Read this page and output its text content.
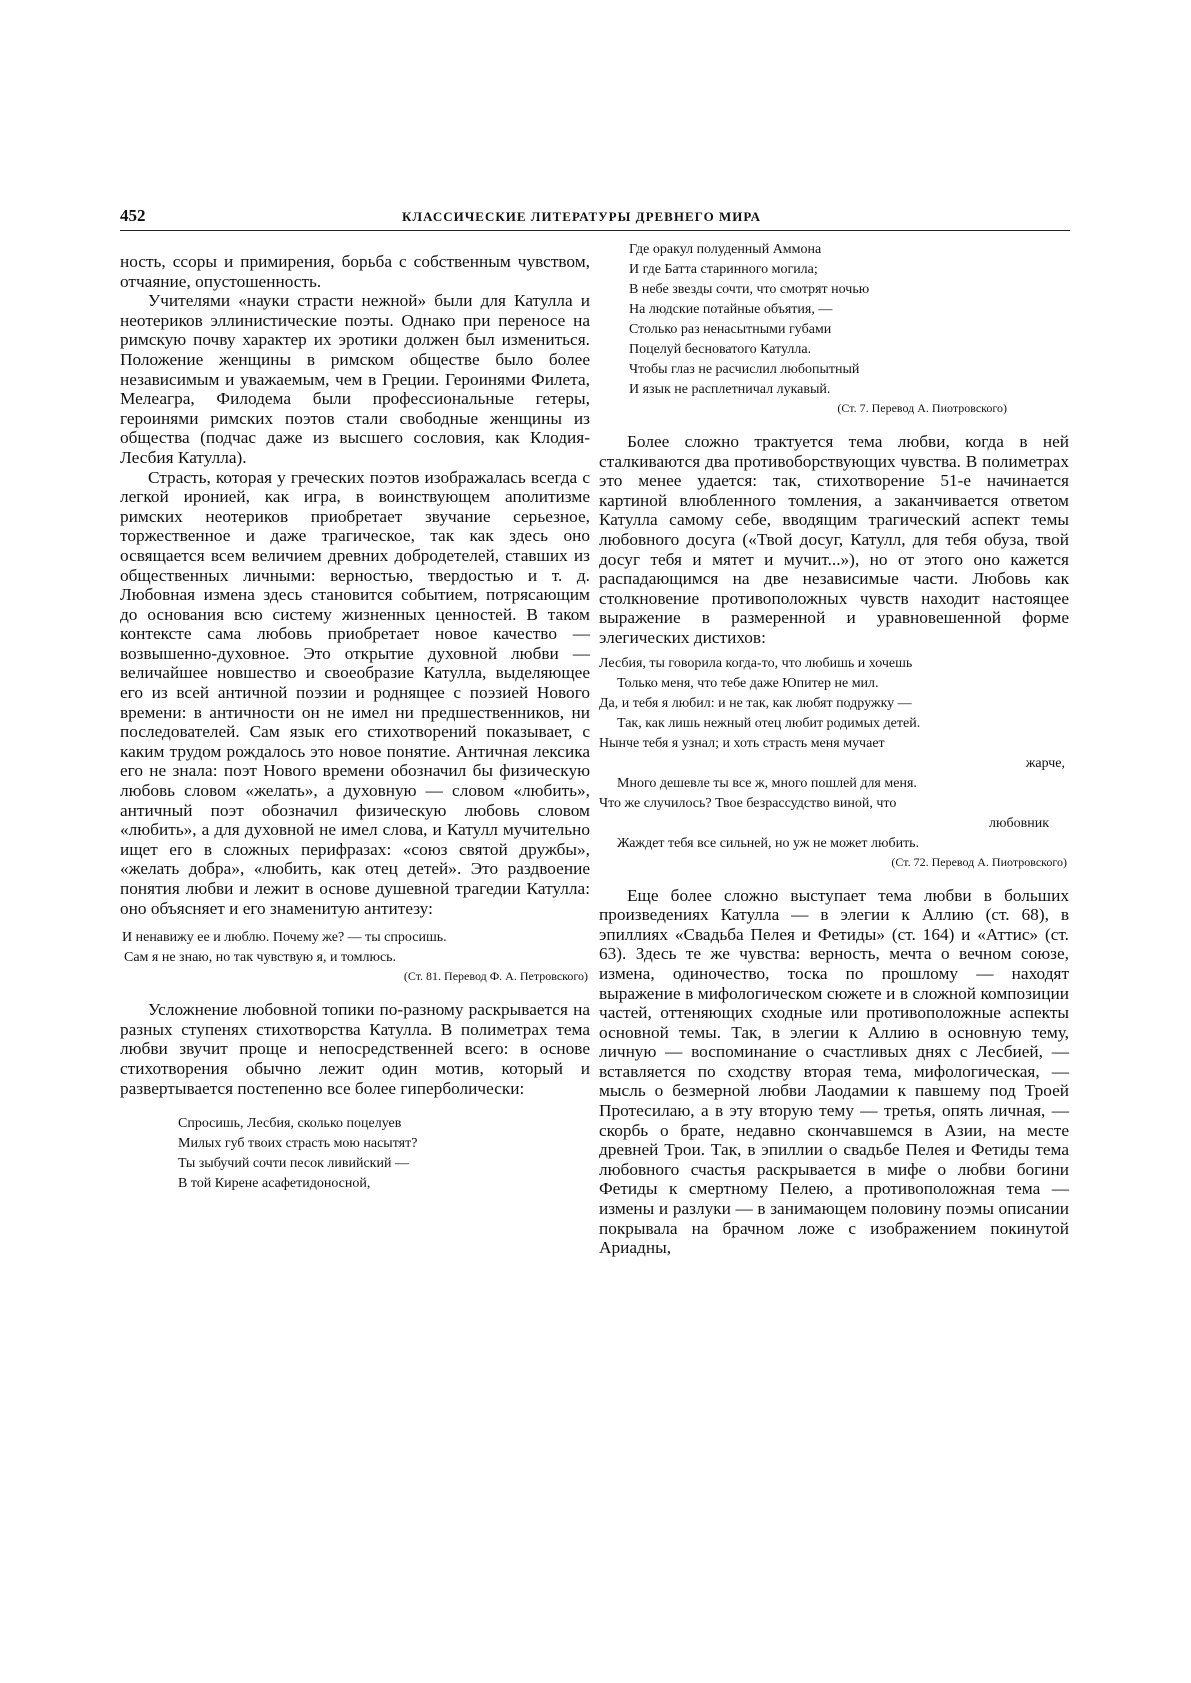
452	КЛАССИЧЕСКИЕ ЛИТЕРАТУРЫ ДРЕВНЕГО МИРА

ность, ссоры и примирения, борьба с собственным чувством, отчаяние, опустошенность.

Учителями «науки страсти нежной» были для Катулла и неотериков эллинистические поэты. Однако при переносе на римскую почву характер их эротики должен был измениться. Положение женщины в римском обществе было более независимым и уважаемым, чем в Греции. Героинями Филета, Мелеагра, Филодема были профессиональные гетеры, героинями римских поэтов стали свободные женщины из общества (подчас даже из высшего сословия, как Клодия-Лесбия Катулла).

Страсть, которая у греческих поэтов изображалась всегда с легкой иронией, как игра, в воинствующем аполитизме римских неотериков приобретает звучание серьезное, торжественное и даже трагическое, так как здесь оно освящается всем величием древних добродетелей, ставших из общественных личными: верностью, твердостью и т. д. Любовная измена здесь становится событием, потрясающим до основания всю систему жизненных ценностей. В таком контексте сама любовь приобретает новое качество — возвышенно-духовное. Это открытие духовной любви — величайшее новшество и своеобразие Катулла, выделяющее его из всей античной поэзии и роднящее с поэзией Нового времени: в античности он не имел ни предшественников, ни последователей. Сам язык его стихотворений показывает, с каким трудом рождалось это новое понятие. Античная лексика его не знала: поэт Нового времени обозначил бы физическую любовь словом «желать», а духовную — словом «любить», античный поэт обозначил физическую любовь словом «любить», а для духовной не имел слова, и Катулл мучительно ищет его в сложных перифразах: «союз святой дружбы», «желать добра», «любить, как отец детей». Это раздвоение понятия любви и лежит в основе душевной трагедии Катулла: оно объясняет и его знаменитую антитезу:

И ненавижу ее и люблю. Почему же? — ты спросишь.
Сам я не знаю, но так чувствую я, и томлюсь.
(Ст. 81. Перевод Ф. А. Петровского)

Усложнение любовной топики по-разному раскрывается на разных ступенях стихотворства Катулла. В полиметрах тема любви звучит проще и непосредственней всего: в основе стихотворения обычно лежит один мотив, который и развертывается постепенно все более гиперболически:

Спросишь, Лесбия, сколько поцелуев
Милых губ твоих страсть мою насытят?
Ты зыбучий сочти песок ливийский —
В той Кирене асафетидоносной,
Где оракул полуденный Аммона
И где Батта старинного могила;
В небе звезды сочти, что смотрят ночью
На людские потайные объятия, —
Столько раз ненасытными губами
Поцелуй бесноватого Катулла.
Чтобы глаз не расчислил любопытный
И язык не расплетничал лукавый.
(Ст. 7. Перевод А. Пиотровского)

Более сложно трактуется тема любви, когда в ней сталкиваются два противоборствующих чувства. В полиметрах это менее удается: так, стихотворение 51-е начинается картиной влюбленного томления, а заканчивается ответом Катулла самому себе, вводящим трагический аспект темы любовного досуга («Твой досуг, Катулл, для тебя обуза, твой досуг тебя и мятет и мучит...»), но от этого оно кажется распадающимся на две независимые части. Любовь как столкновение противоположных чувств находит настоящее выражение в размеренной и уравновешенной форме элегических дистихов:

Лесбия, ты говорила когда-то, что любишь и хочешь
Только меня, что тебе даже Юпитер не мил.
Да, и тебя я любил: и не так, как любят подружку —
Так, как лишь нежный отец любит родимых детей.
Нынче тебя я узнал; и хоть страсть меня мучает
жарче,
Много дешевле ты все ж, много пошлей для меня.
Что же случилось? Твое безрассудство виной, что
любовник
Жаждет тебя все сильней, но уж не может любить.
(Ст. 72. Перевод А. Пиотровского)

Еще более сложно выступает тема любви в больших произведениях Катулла — в элегии к Аллию (ст. 68), в эпиллиях «Свадьба Пелея и Фетиды» (ст. 164) и «Аттис» (ст. 63). Здесь те же чувства: верность, мечта о вечном союзе, измена, одиночество, тоска по прошлому — находят выражение в мифологическом сюжете и в сложной композиции частей, оттеняющих сходные или противоположные аспекты основной темы. Так, в элегии к Аллию в основную тему, личную — воспоминание о счастливых днях с Лесбией, — вставляется по сходству вторая тема, мифологическая, — мысль о безмерной любви Лаодамии к павшему под Троей Протесилаю, а в эту вторую тему — третья, опять личная, — скорбь о брате, недавно скончавшемся в Азии, на месте древней Трои. Так, в эпиллии о свадьбе Пелея и Фетиды тема любовного счастья раскрывается в мифе о любви богини Фетиды к смертному Пелею, а противоположная тема — измены и разлуки — в занимающем половину поэмы описании покрывала на брачном ложе с изображением покинутой Ариадны,
